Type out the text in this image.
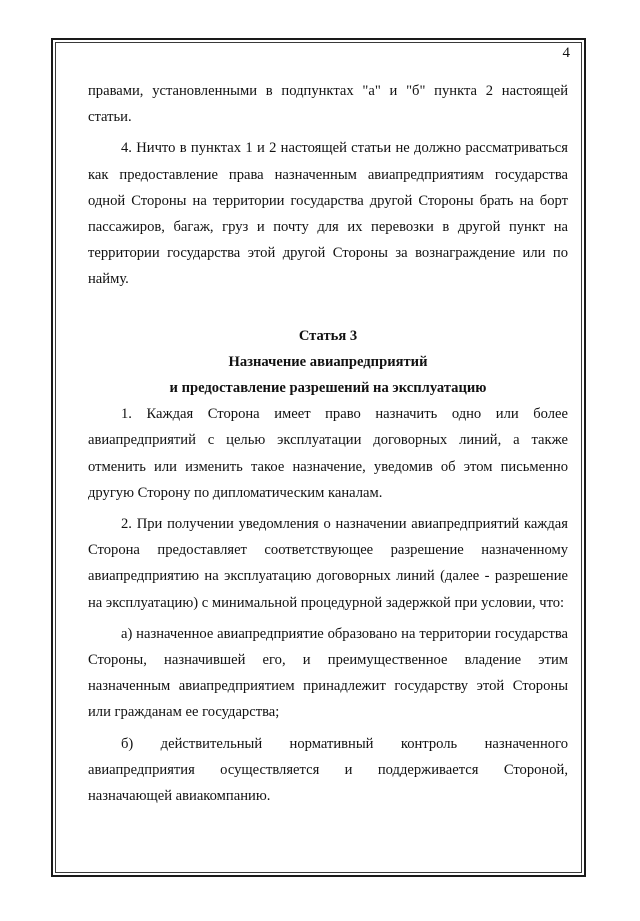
4

правами, установленными в подпунктах "а" и "б" пункта 2 настоящей статьи.

4. Ничто в пунктах 1 и 2 настоящей статьи не должно рассматриваться как предоставление права назначенным авиапредприятиям государства одной Стороны на территории государства другой Стороны брать на борт пассажиров, багаж, груз и почту для их перевозки в другой пункт на территории государства этой другой Стороны за вознаграждение или по найму.

Статья 3
Назначение авиапредприятий
и предоставление разрешений на эксплуатацию

1. Каждая Сторона имеет право назначить одно или более авиапредприятий с целью эксплуатации договорных линий, а также отменить или изменить такое назначение, уведомив об этом письменно другую Сторону по дипломатическим каналам.

2. При получении уведомления о назначении авиапредприятий каждая Сторона предоставляет соответствующее разрешение назначенному авиапредприятию на эксплуатацию договорных линий (далее - разрешение на эксплуатацию) с минимальной процедурной задержкой при условии, что:

а) назначенное авиапредприятие образовано на территории государства Стороны, назначившей его, и преимущественное владение этим назначенным авиапредприятием принадлежит государству этой Стороны или гражданам ее государства;

б) действительный нормативный контроль назначенного авиапредприятия осуществляется и поддерживается Стороной, назначающей авиакомпанию.
